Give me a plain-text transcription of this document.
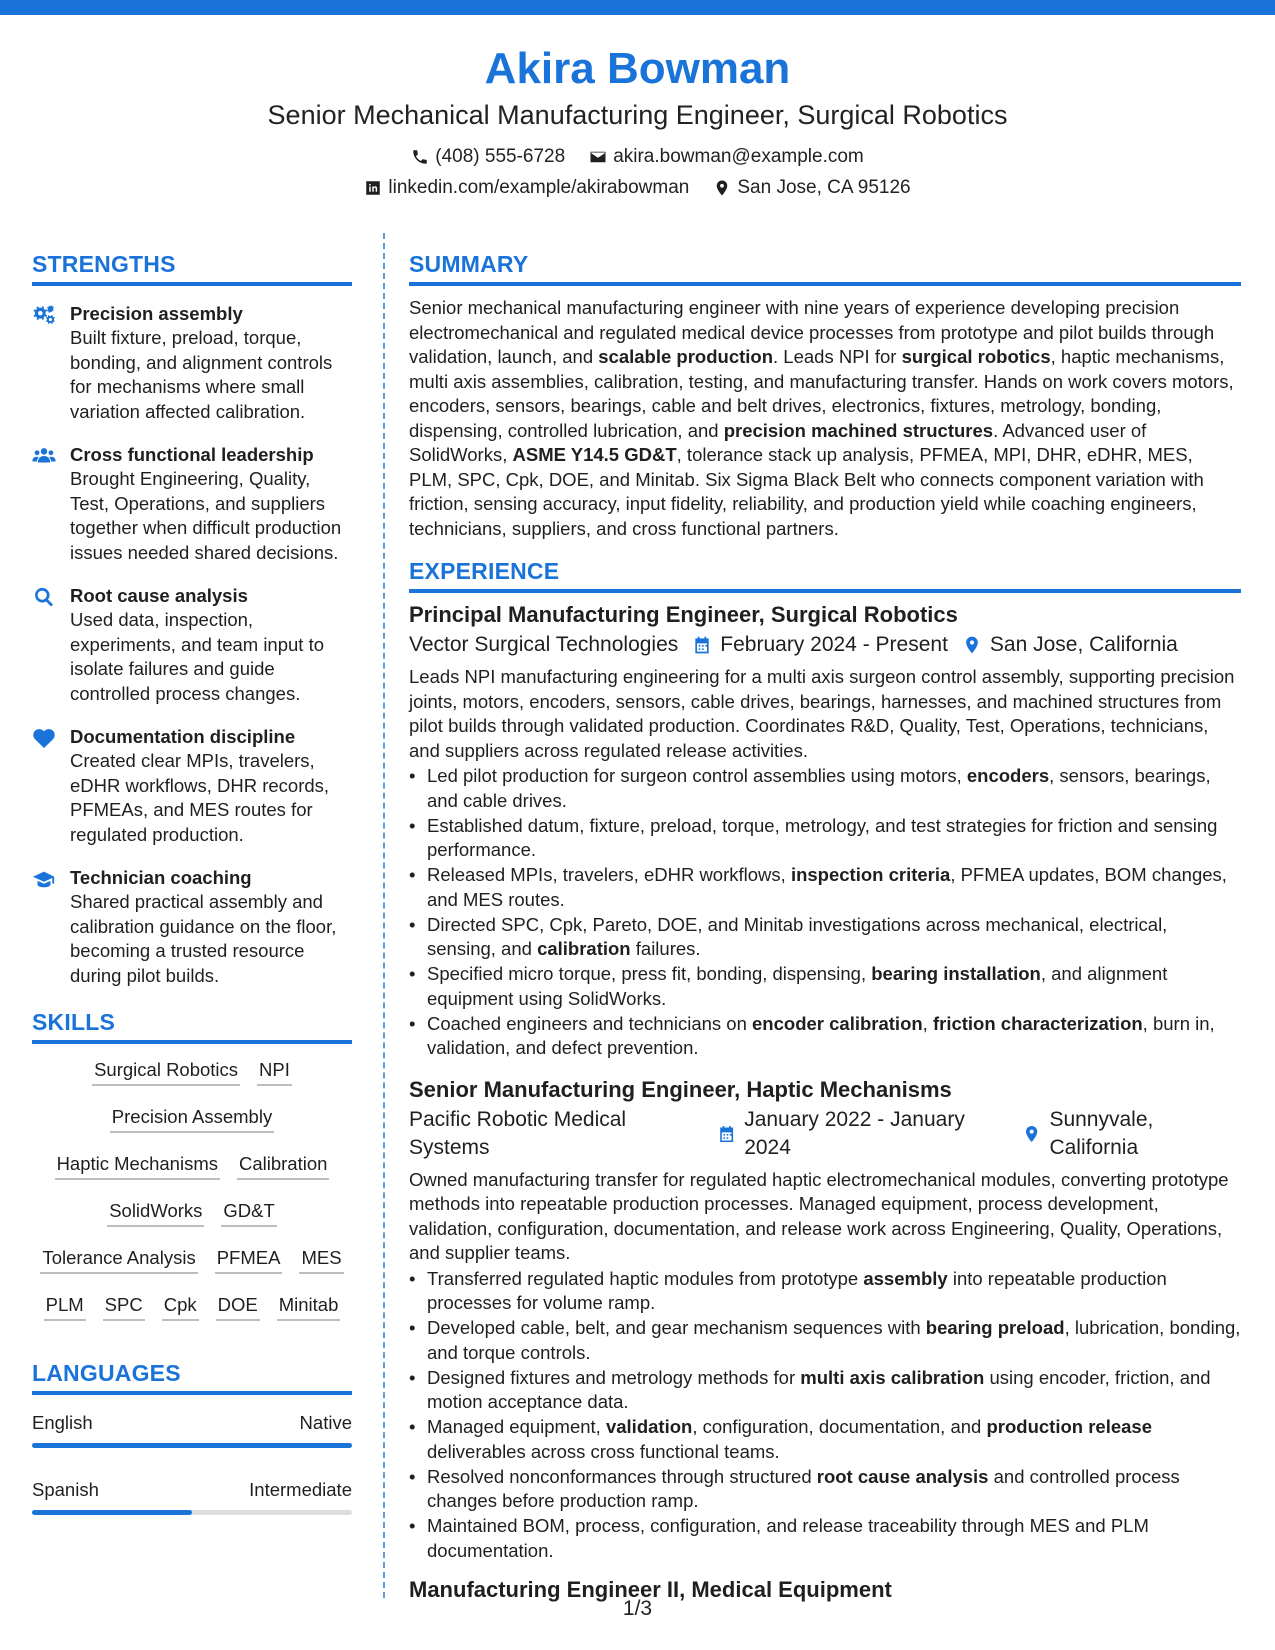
Akira Bowman
Senior Mechanical Manufacturing Engineer, Surgical Robotics
(408) 555-6728	akira.bowman@example.com
linkedin.com/example/akirabowman	San Jose, CA 95126
STRENGTHS
Precision assembly
Built fixture, preload, torque, bonding, and alignment controls for mechanisms where small variation affected calibration.
Cross functional leadership
Brought Engineering, Quality, Test, Operations, and suppliers together when difficult production issues needed shared decisions.
Root cause analysis
Used data, inspection, experiments, and team input to isolate failures and guide controlled process changes.
Documentation discipline
Created clear MPIs, travelers, eDHR workflows, DHR records, PFMEAs, and MES routes for regulated production.
Technician coaching
Shared practical assembly and calibration guidance on the floor, becoming a trusted resource during pilot builds.
SKILLS
Surgical Robotics NPI
Precision Assembly
Haptic Mechanisms Calibration
SolidWorks GD&T
Tolerance Analysis PFMEA MES
PLM SPC Cpk DOE Minitab
LANGUAGES
English	Native
Spanish	Intermediate
SUMMARY

Senior mechanical manufacturing engineer with nine years of experience developing precision electromechanical and regulated medical device processes from prototype and pilot builds through validation, launch, and scalable production. Leads NPI for surgical robotics, haptic mechanisms, multi axis assemblies, calibration, testing, and manufacturing transfer. Hands on work covers motors, encoders, sensors, bearings, cable and belt drives, electronics, fixtures, metrology, bonding, dispensing, controlled lubrication, and precision machined structures. Advanced user of SolidWorks, ASME Y14.5 GD&T, tolerance stack up analysis, PFMEA, MPI, DHR, eDHR, MES, PLM, SPC, Cpk, DOE, and Minitab. Six Sigma Black Belt who connects component variation with friction, sensing accuracy, input fidelity, reliability, and production yield while coaching engineers, technicians, suppliers, and cross functional partners.

EXPERIENCE
Principal Manufacturing Engineer, Surgical Robotics
Vector Surgical Technologies February 2024 - Present San Jose, California

Leads NPI manufacturing engineering for a multi axis surgeon control assembly, supporting precision joints, motors, encoders, sensors, cable drives, bearings, harnesses, and machined structures from pilot builds through validated production. Coordinates R&D, Quality, Test, Operations, technicians, and suppliers across regulated release activities.

• Led pilot production for surgeon control assemblies using motors, encoders, sensors, bearings, and cable drives.
• Established datum, fixture, preload, torque, metrology, and test strategies for friction and sensing performance.
• Released MPIs, travelers, eDHR workflows, inspection criteria, PFMEA updates, BOM changes, and MES routes.
• Directed SPC, Cpk, Pareto, DOE, and Minitab investigations across mechanical, electrical, sensing, and calibration failures.
• Specified micro torque, press fit, bonding, dispensing, bearing installation, and alignment equipment using SolidWorks.
• Coached engineers and technicians on encoder calibration, friction characterization, burn in, validation, and defect prevention.
Senior Manufacturing Engineer, Haptic Mechanisms
Pacific Robotic Medical Systems
January 2022 - January 2024
Sunnyvale, California

Owned manufacturing transfer for regulated haptic electromechanical modules, converting prototype methods into repeatable production processes. Managed equipment, process development, validation, configuration, documentation, and release work across Engineering, Quality, Operations, and supplier teams.

• Transferred regulated haptic modules from prototype assembly into repeatable production processes for volume ramp.
• Developed cable, belt, and gear mechanism sequences with bearing preload, lubrication, bonding, and torque controls.
• Designed fixtures and metrology methods for multi axis calibration using encoder, friction, and motion acceptance data.
• Managed equipment, validation, configuration, documentation, and production release deliverables across cross functional teams.
• Resolved nonconformances through structured root cause analysis and controlled process changes before production ramp.
• Maintained BOM, process, configuration, and release traceability through MES and PLM documentation.
Manufacturing Engineer II, Medical Equipment
1/3
